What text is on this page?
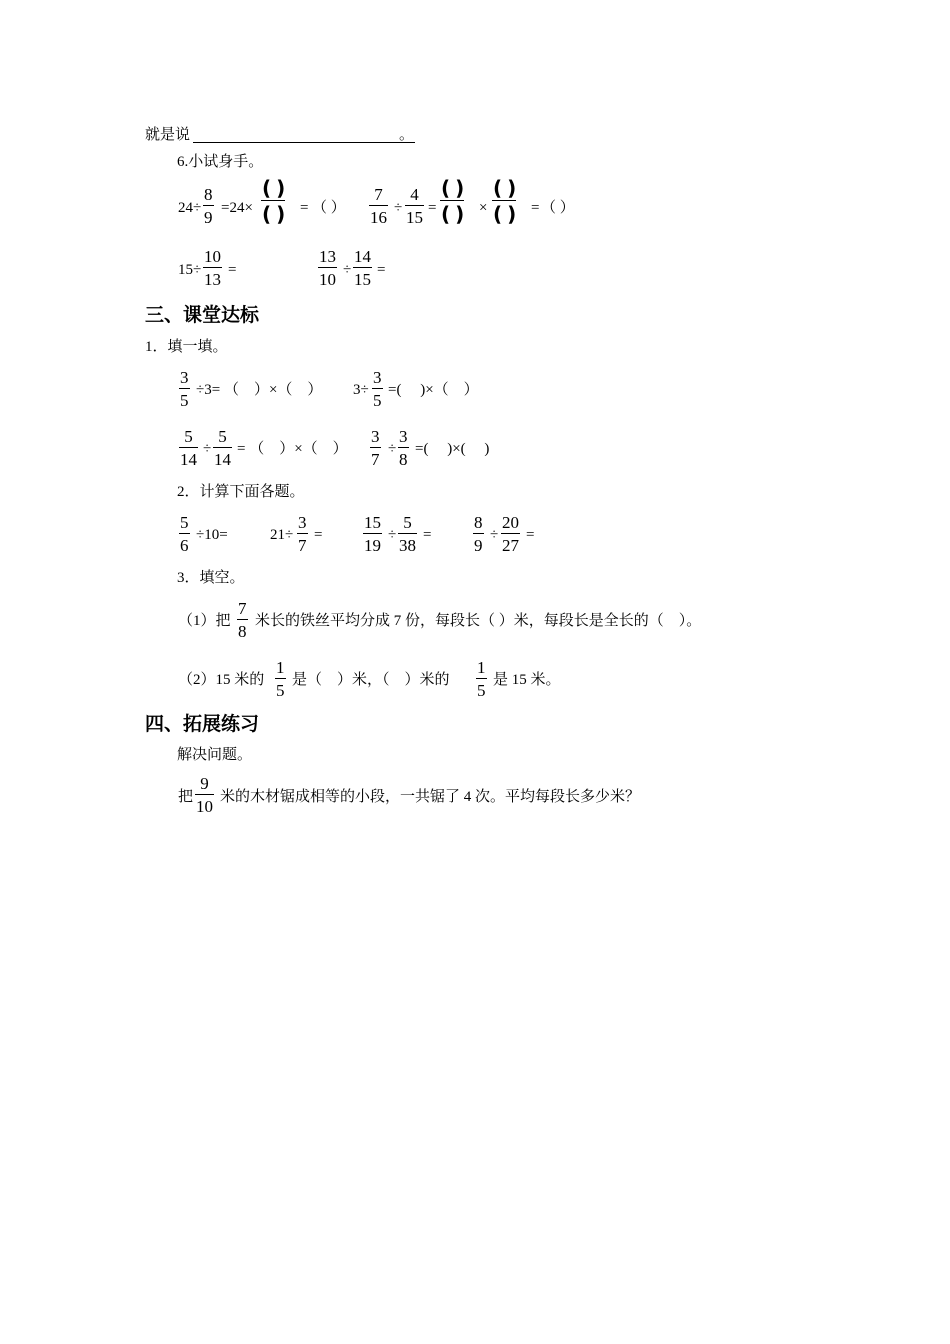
就是说	。
6.小试身手。
24÷
8
9 =24×
( )
( ) = （ ）
7
16 ÷
4
15 =
( )
( ) ×
( )
( ) = （ ）
15÷
10
13 =
13
10 ÷
14
15 =
三、课堂达标
1．填一填。
3
5
÷3= （　）×（　） 3÷
3
5
=(　 )×（　）
5
14
÷
5
14
= （　）×（　）
3
7
÷
3
8
=(　 )×(　 )
2．计算下面各题。
5
6
÷10=	21÷
3
7
=
15
19
÷
5
38
=
8
9
÷
20
27
=
3．填空。
（1）把
7
8
米长的铁丝平均分成 7 份，每段长（ ）米，每段长是全长的（　）。
（2）15 米的
1
5
是（　）米，（　）米的
1
5
是 15 米。
四、拓展练习
解决问题。
把
9
10 米的木材锯成相等的小段，一共锯了 4 次。平均每段长多少米？
